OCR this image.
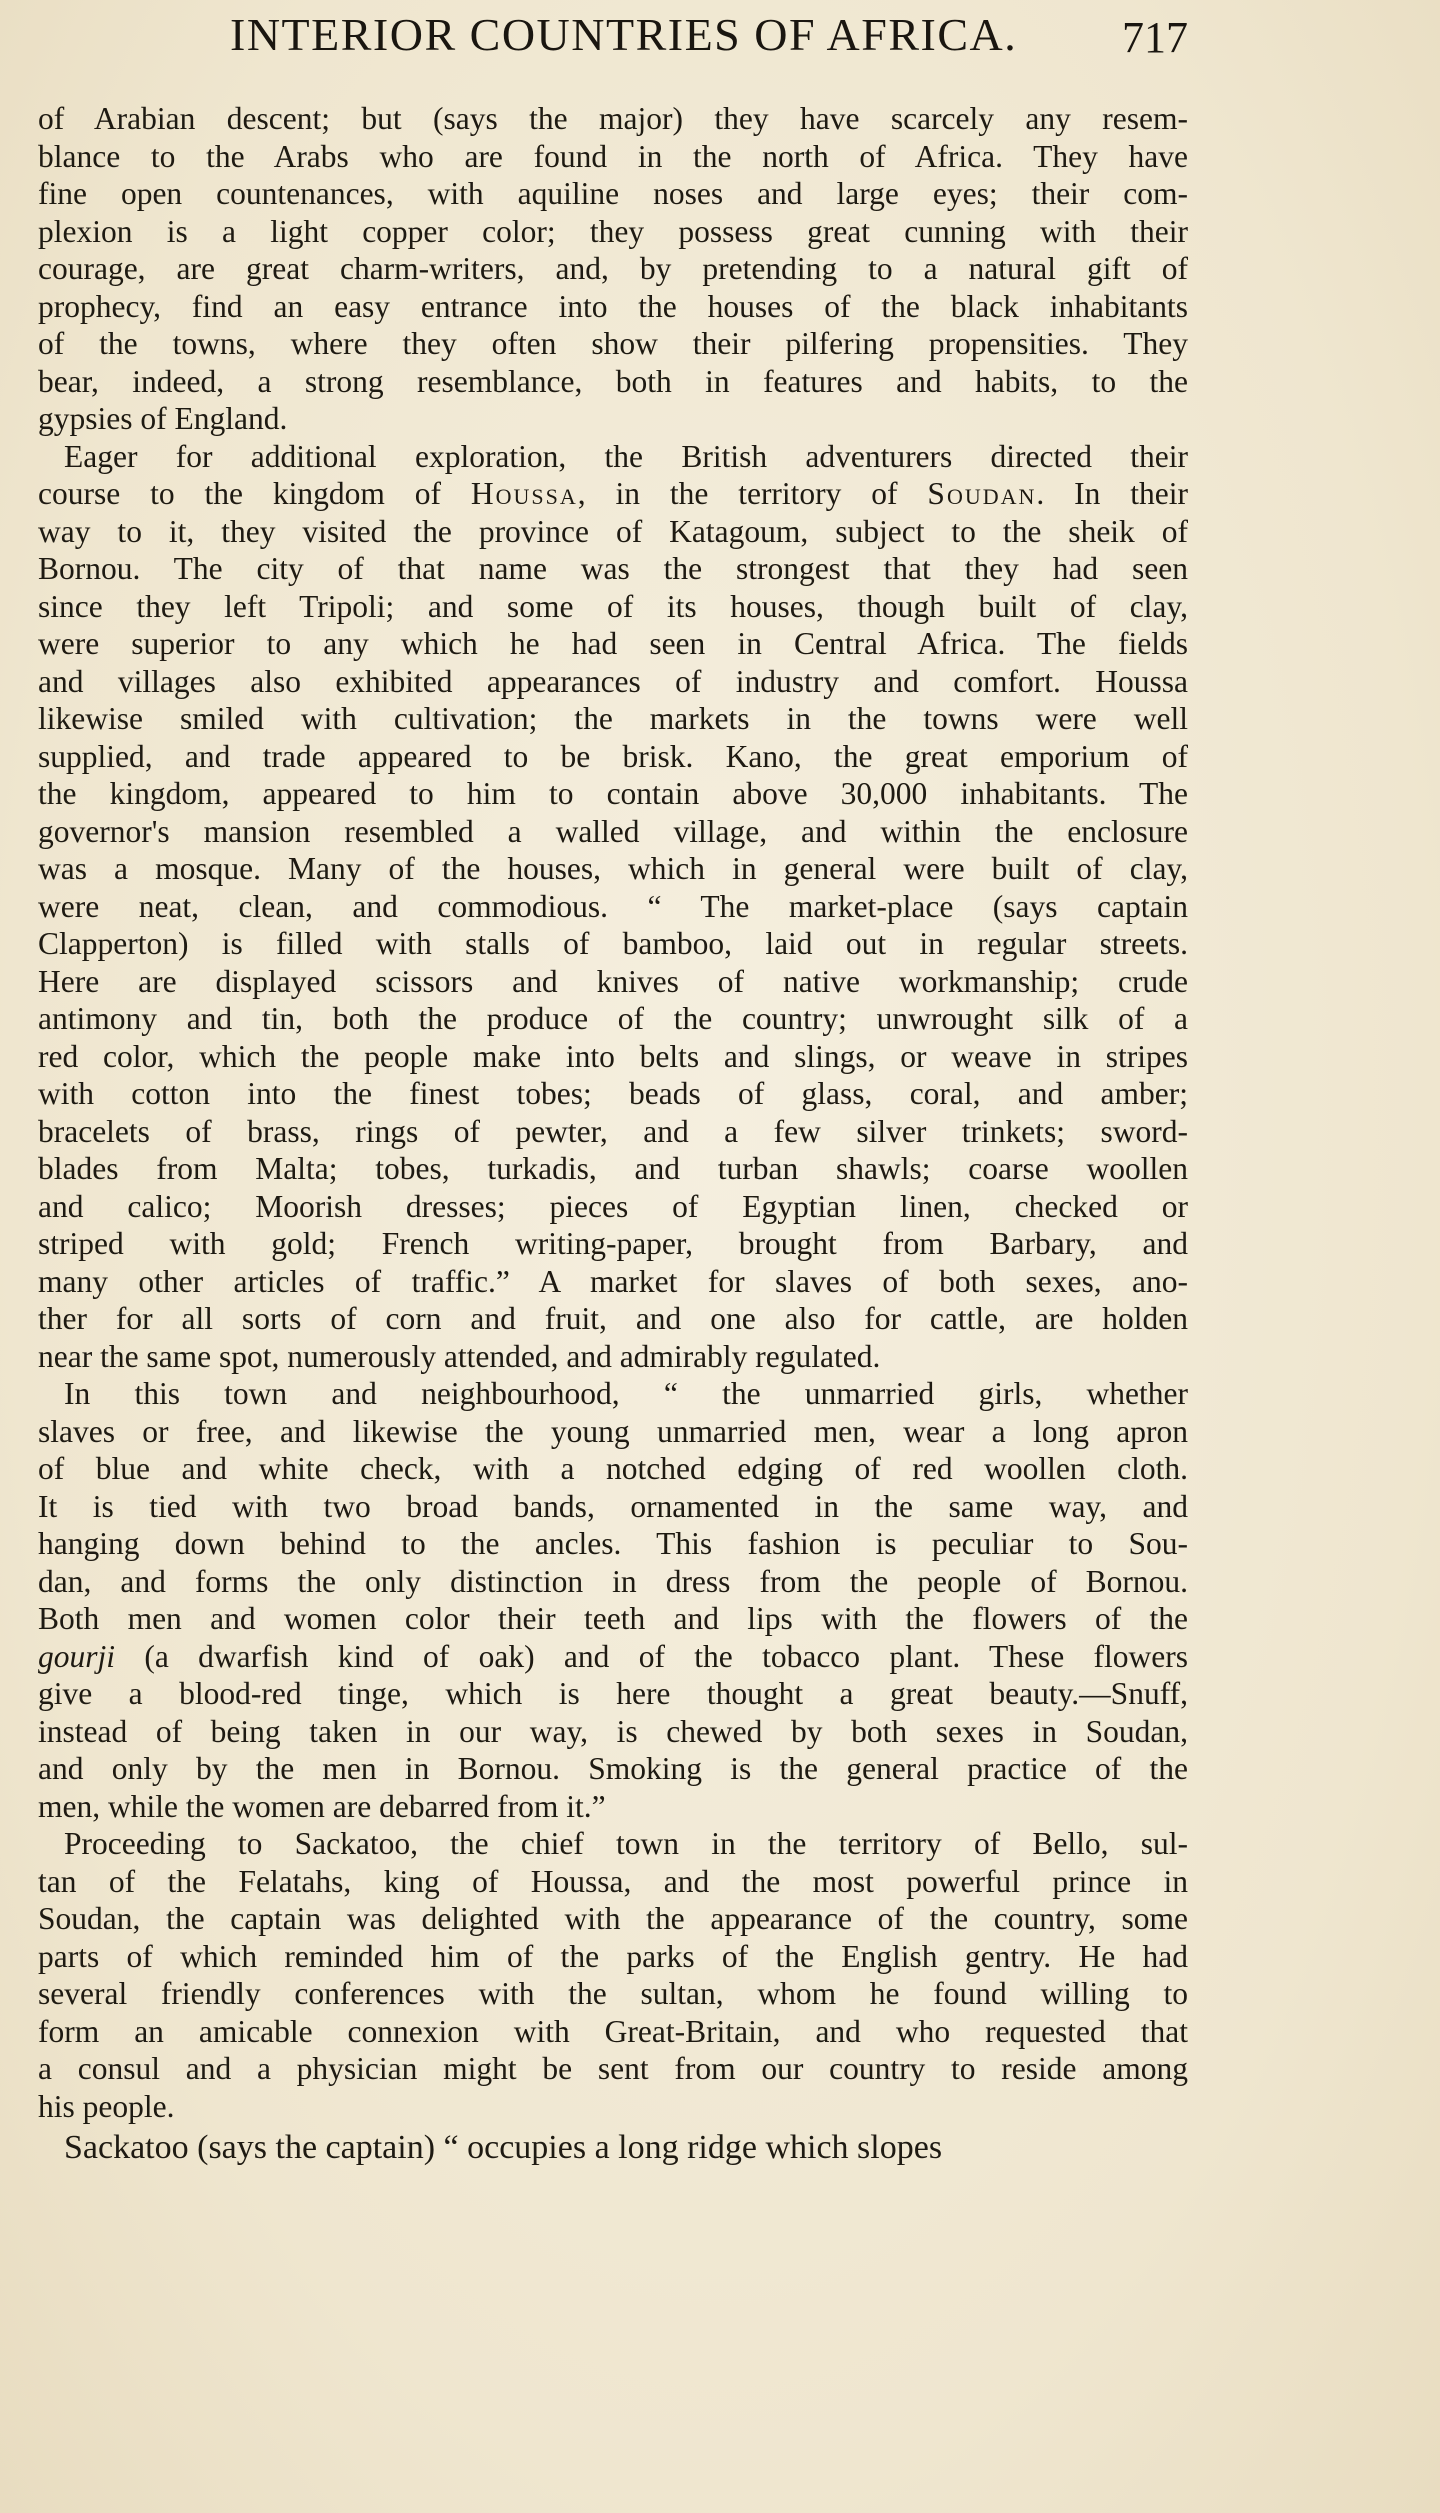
INTERIOR COUNTRIES OF AFRICA. 717
of Arabian descent; but (says the major) they have scarcely any resem-
blance to the Arabs who are found in the north of Africa. They have
fine open countenances, with aquiline noses and large eyes; their com-
plexion is a light copper color; they possess great cunning with their
courage, are great charm-writers, and, by pretending to a natural gift of
prophecy, find an easy entrance into the houses of the black inhabitants
of the towns, where they often show their pilfering propensities. They
bear, indeed, a strong resemblance, both in features and habits, to the
gypsies of England.
Eager for additional exploration, the British adventurers directed their
course to the kingdom of Houssa, in the territory of Soudan. In their
way to it, they visited the province of Katagoum, subject to the sheik of
Bornou. The city of that name was the strongest that they had seen
since they left Tripoli; and some of its houses, though built of clay,
were superior to any which he had seen in Central Africa. The fields
and villages also exhibited appearances of industry and comfort. Houssa
likewise smiled with cultivation; the markets in the towns were well
supplied, and trade appeared to be brisk. Kano, the great emporium of
the kingdom, appeared to him to contain above 30,000 inhabitants. The
governor's mansion resembled a walled village, and within the enclosure
was a mosque. Many of the houses, which in general were built of clay,
were neat, clean, and commodious. “ The market-place (says captain
Clapperton) is filled with stalls of bamboo, laid out in regular streets.
Here are displayed scissors and knives of native workmanship; crude
antimony and tin, both the produce of the country; unwrought silk of a
red color, which the people make into belts and slings, or weave in stripes
with cotton into the finest tobes; beads of glass, coral, and amber;
bracelets of brass, rings of pewter, and a few silver trinkets; sword-
blades from Malta; tobes, turkadis, and turban shawls; coarse woollen
and calico; Moorish dresses; pieces of Egyptian linen, checked or
striped with gold; French writing-paper, brought from Barbary, and
many other articles of traffic.” A market for slaves of both sexes, ano-
ther for all sorts of corn and fruit, and one also for cattle, are holden
near the same spot, numerously attended, and admirably regulated.
In this town and neighbourhood, “ the unmarried girls, whether
slaves or free, and likewise the young unmarried men, wear a long apron
of blue and white check, with a notched edging of red woollen cloth.
It is tied with two broad bands, ornamented in the same way, and
hanging down behind to the ancles. This fashion is peculiar to Sou-
dan, and forms the only distinction in dress from the people of Bornou.
Both men and women color their teeth and lips with the flowers of the
gourji (a dwarfish kind of oak) and of the tobacco plant. These flowers
give a blood-red tinge, which is here thought a great beauty.—Snuff,
instead of being taken in our way, is chewed by both sexes in Soudan,
and only by the men in Bornou. Smoking is the general practice of the
men, while the women are debarred from it.”
Proceeding to Sackatoo, the chief town in the territory of Bello, sul-
tan of the Felatahs, king of Houssa, and the most powerful prince in
Soudan, the captain was delighted with the appearance of the country, some
parts of which reminded him of the parks of the English gentry. He had
several friendly conferences with the sultan, whom he found willing to
form an amicable connexion with Great-Britain, and who requested that
a consul and a physician might be sent from our country to reside among
his people.
Sackatoo (says the captain) “ occupies a long ridge which slopes
